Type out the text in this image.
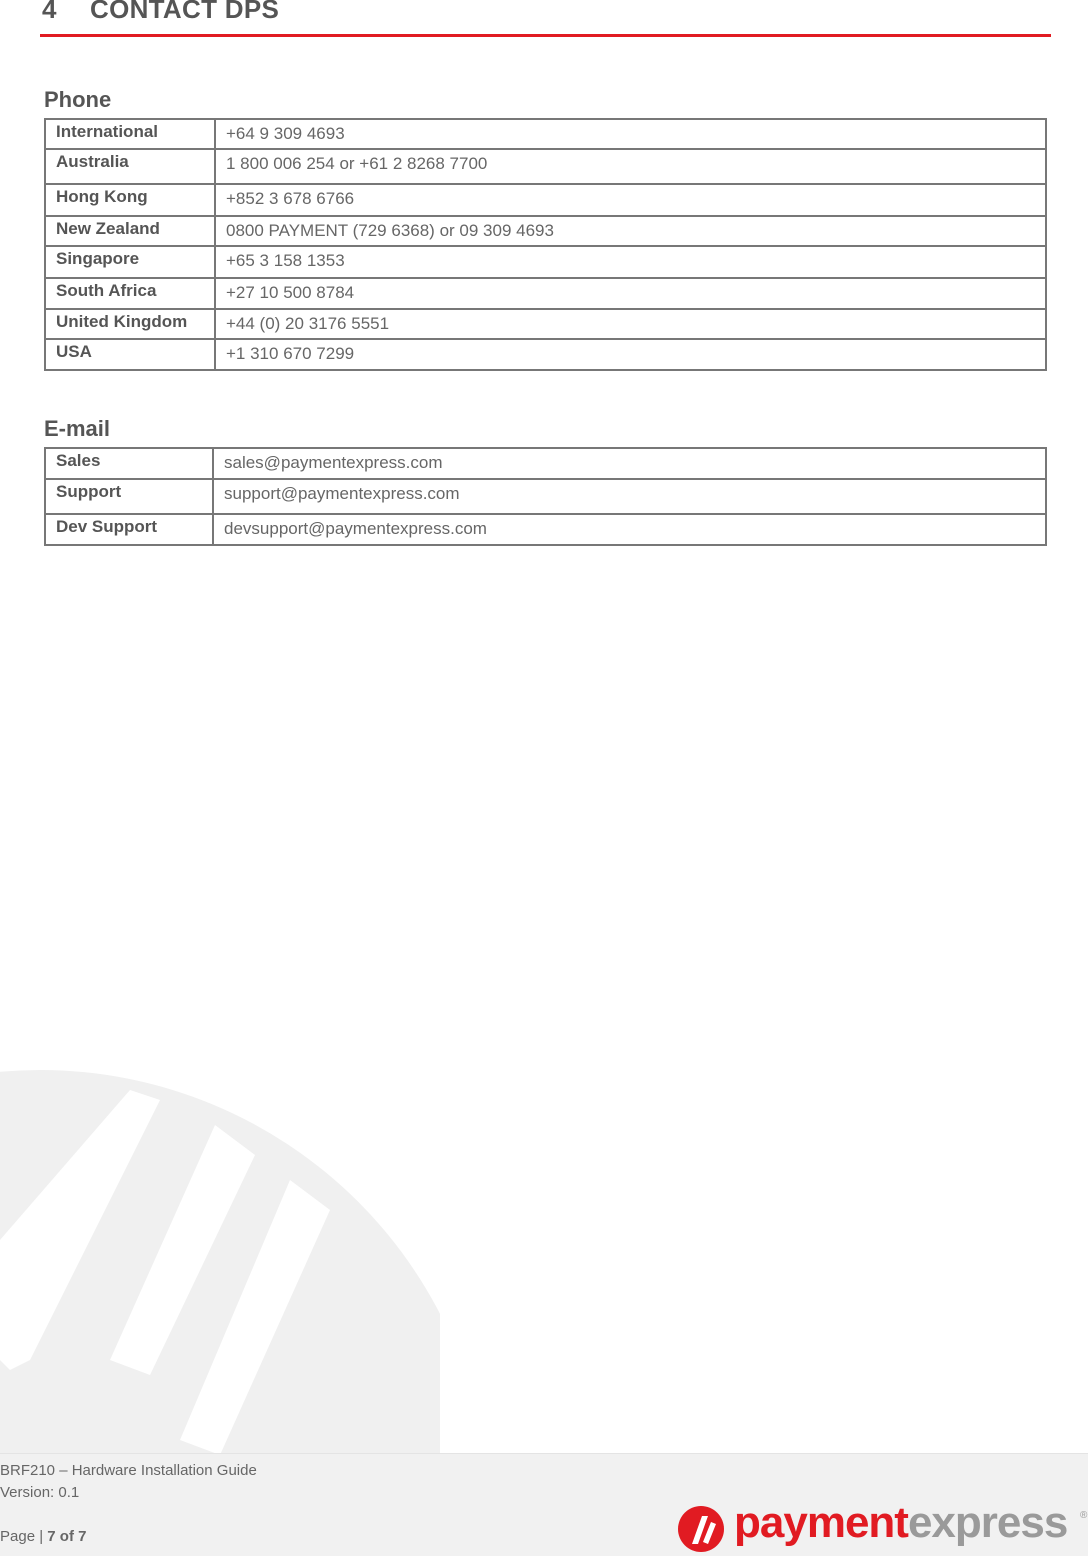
4 CONTACT DPS
Phone
International	+64 9 309 4693
Australia	1 800 006 254 or +61 2 8268 7700
Hong Kong	+852 3 678 6766
New Zealand	0800 PAYMENT (729 6368) or 09 309 4693
Singapore	+65 3 158 1353
South Africa	+27 10 500 8784
United Kingdom	+44 (0) 20 3176 5551
USA	+1 310 670 7299
E-mail
Sales	sales@paymentexpress.com
Support	support@paymentexpress.com
Dev Support	devsupport@paymentexpress.com
BRF210 – Hardware Installation Guide
Version: 0.1
Page | 7 of 7	paymentexpress ®
